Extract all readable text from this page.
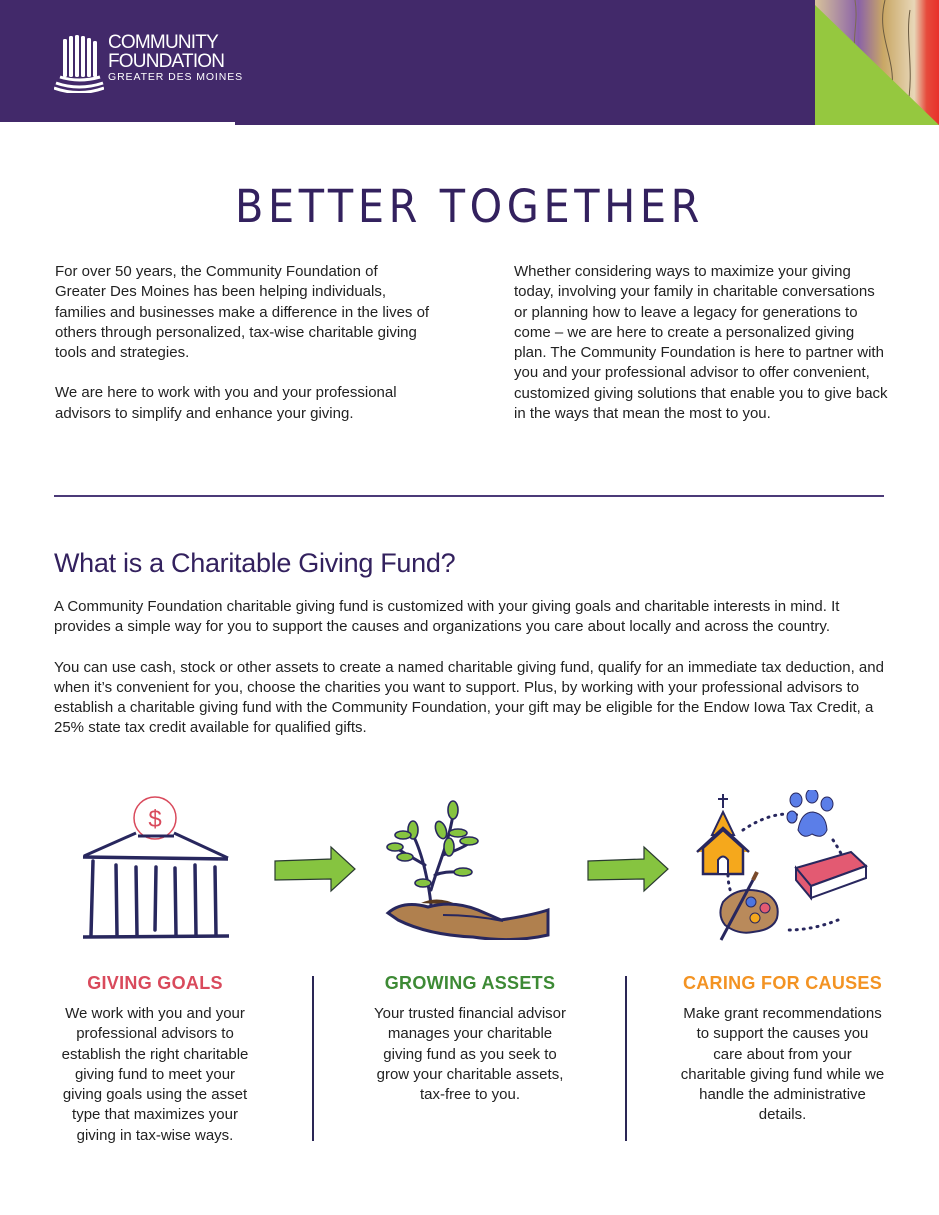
COMMUNITY
FOUNDATION
GREATER DES MOINES
BETTER TOGETHER

For over 50 years, the Community Foundation of Greater Des Moines has been helping individuals, families and businesses make a difference in the lives of others through personalized, tax-wise charitable giving tools and strategies.

We are here to work with you and your professional advisors to simplify and enhance your giving.

Whether considering ways to maximize your giving today, involving your family in charitable conversations or planning how to leave a legacy for generations to come – we are here to create a personalized giving plan. The Community Foundation is here to partner with you and your professional advisor to offer convenient, customized giving solutions that enable you to give back in the ways that mean the most to you.

What is a Charitable Giving Fund?

A Community Foundation charitable giving fund is customized with your giving goals and charitable interests in mind. It provides a simple way for you to support the causes and organizations you care about locally and across the country.

You can use cash, stock or other assets to create a named charitable giving fund, qualify for an immediate tax deduction, and when it’s convenient for you, choose the charities you want to support. Plus, by working with your professional advisors to establish a charitable giving fund with the Community Foundation, your gift may be eligible for the Endow Iowa Tax Credit, a 25% state tax credit available for qualified gifts.

$
GIVING GOALS

We work with you and your professional advisors to establish the right charitable giving fund to meet your giving goals using the asset type that maximizes your giving in tax-wise ways.

GROWING ASSETS

Your trusted financial advisor manages your charitable giving fund as you seek to grow your charitable assets, tax-free to you.

CARING FOR CAUSES

Make grant recommendations to support the causes you care about from your charitable giving fund while we handle the administrative details.
